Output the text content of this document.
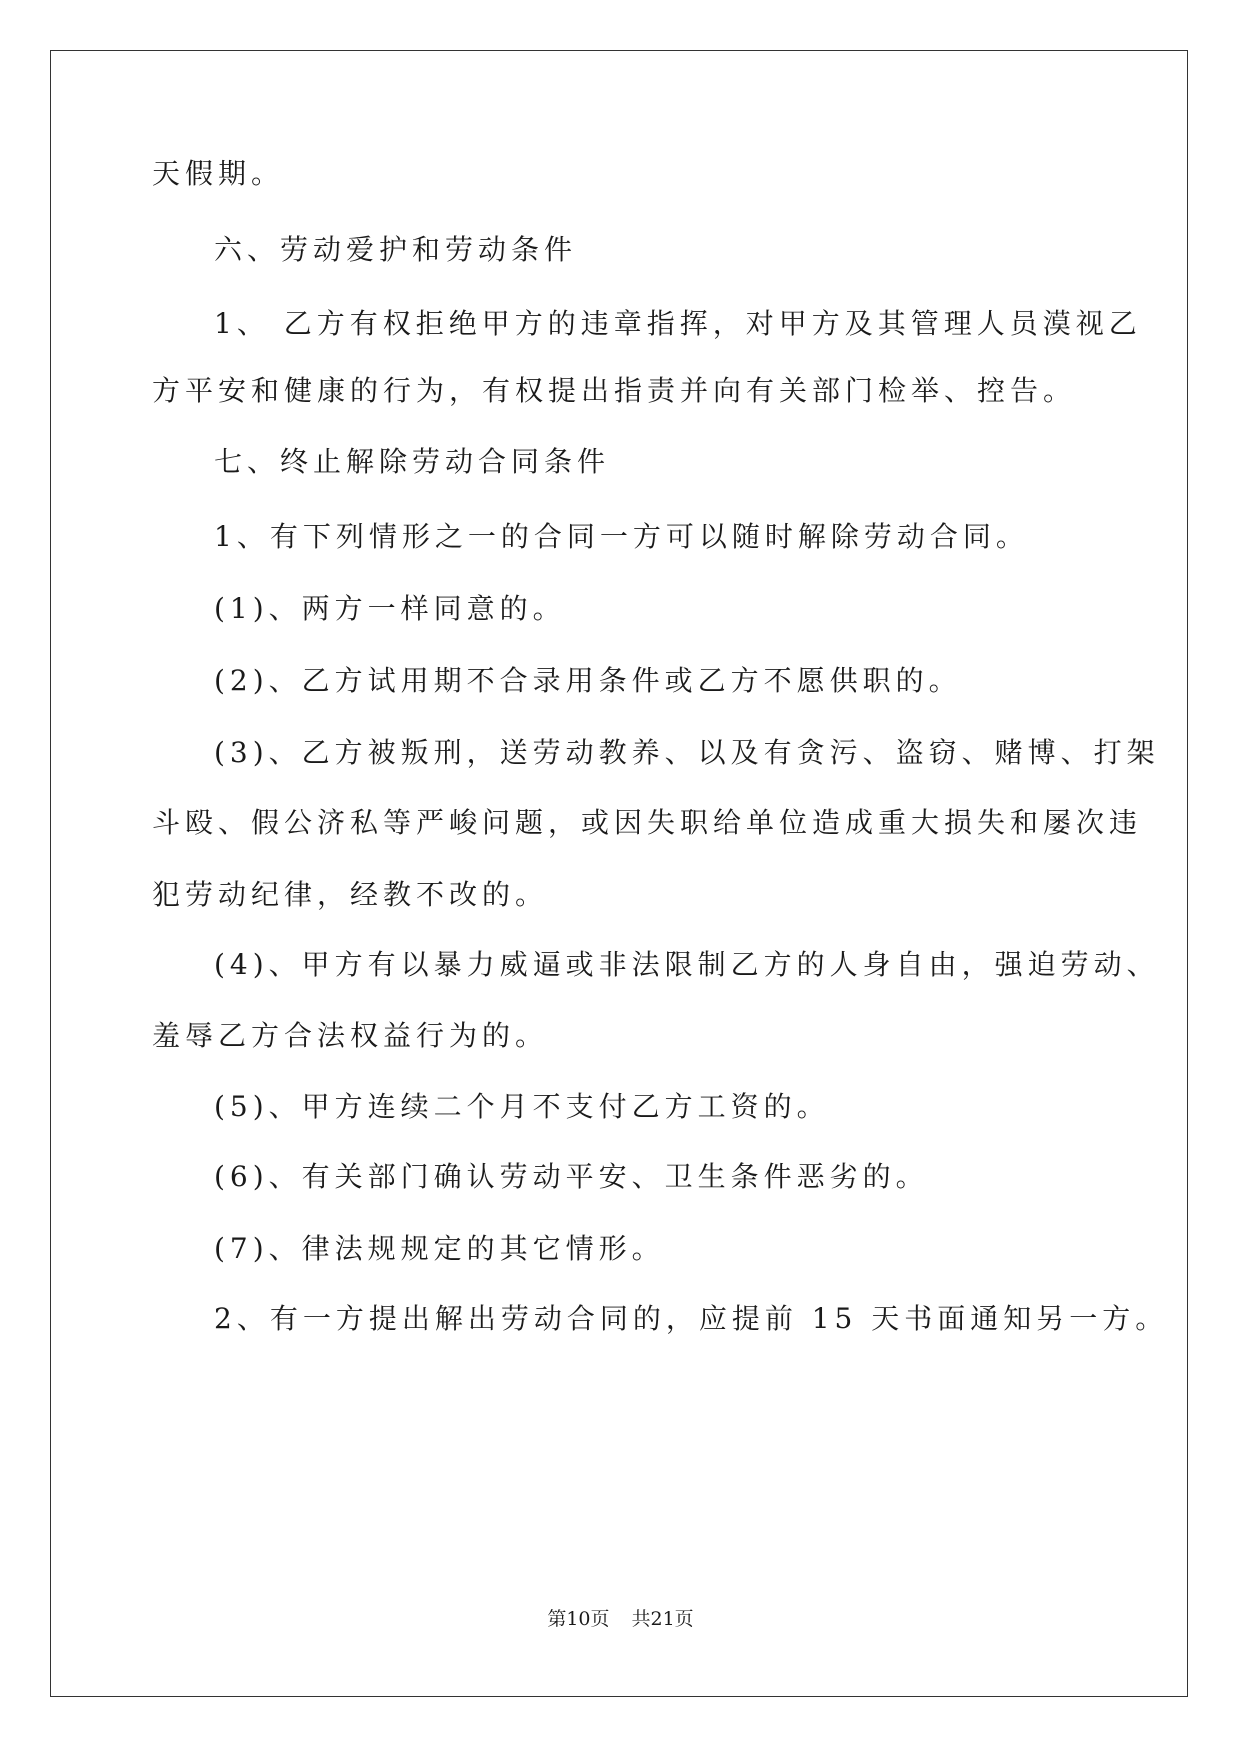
天假期。
六、劳动爱护和劳动条件
1、 乙方有权拒绝甲方的违章指挥，对甲方及其管理人员漠视乙
方平安和健康的行为，有权提出指责并向有关部门检举、控告。
七、终止解除劳动合同条件
1、有下列情形之一的合同一方可以随时解除劳动合同。
(1)、两方一样同意的。
(2)、乙方试用期不合录用条件或乙方不愿供职的。
(3)、乙方被叛刑，送劳动教养、以及有贪污、盗窃、赌博、打架
斗殴、假公济私等严峻问题，或因失职给单位造成重大损失和屡次违
犯劳动纪律，经教不改的。
(4)、甲方有以暴力威逼或非法限制乙方的人身自由，强迫劳动、
羞辱乙方合法权益行为的。
(5)、甲方连续二个月不支付乙方工资的。
(6)、有关部门确认劳动平安、卫生条件恶劣的。
(7)、律法规规定的其它情形。
2、有一方提出解出劳动合同的，应提前 15 天书面通知另一方。
第10页 共21页
